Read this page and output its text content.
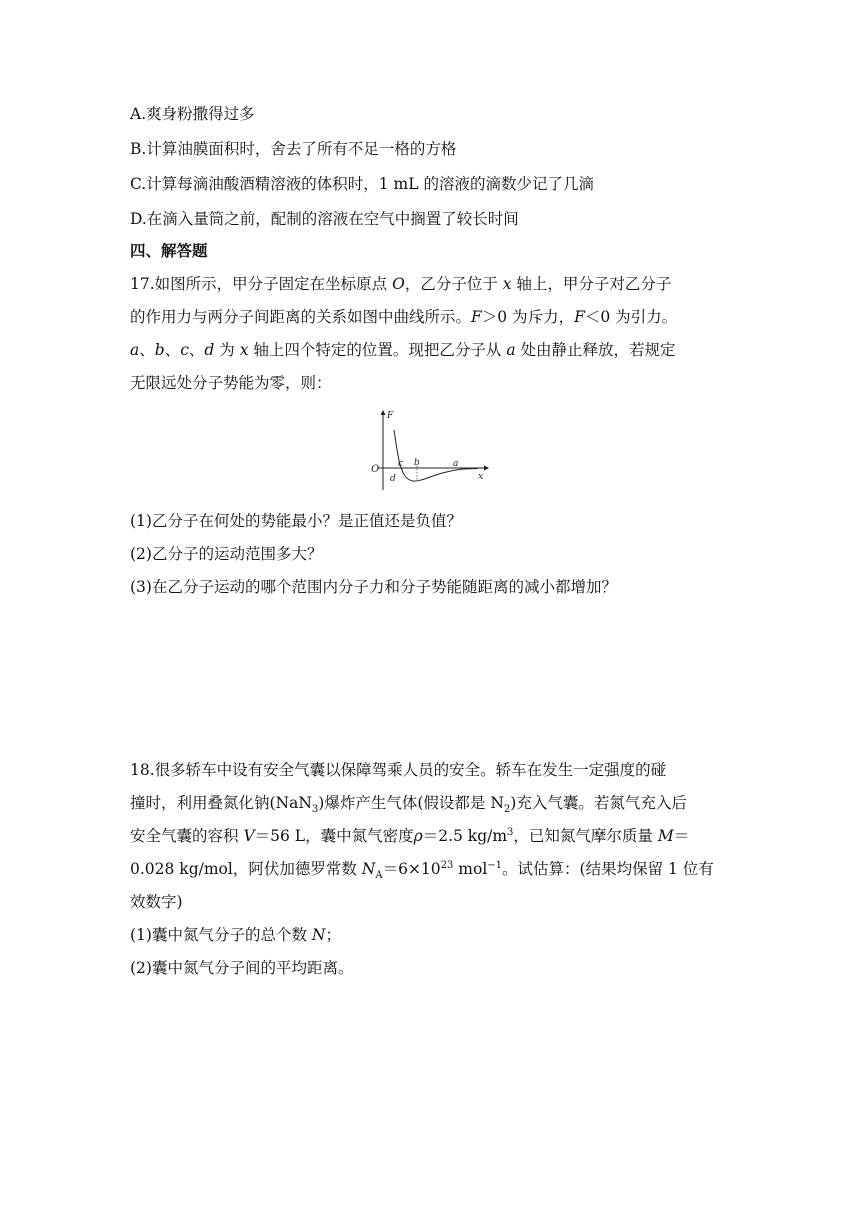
A.爽身粉撒得过多
B.计算油膜面积时，舍去了所有不足一格的方格
C.计算每滴油酸酒精溶液的体积时，1 mL 的溶液的滴数少记了几滴
D.在滴入量筒之前，配制的溶液在空气中搁置了较长时间
四、解答题
17.如图所示，甲分子固定在坐标原点 O，乙分子位于 x 轴上，甲分子对乙分子
的作用力与两分子间距离的关系如图中曲线所示。F＞0 为斥力，F＜0 为引力。
a、b、c、d 为 x 轴上四个特定的位置。现把乙分子从 a 处由静止释放，若规定
无限远处分子势能为零，则：
F
O c b	a
d	x
(1)乙分子在何处的势能最小？是正值还是负值？
(2)乙分子的运动范围多大？
(3)在乙分子运动的哪个范围内分子力和分子势能随距离的减小都增加？
18.很多轿车中设有安全气囊以保障驾乘人员的安全。轿车在发生一定强度的碰
撞时，利用叠氮化钠(NaN$_3$)爆炸产生气体(假设都是 $N_2$)充入气囊。若氮气充入后
安全气囊的容积 V＝56 L，囊中氮气密度ρ＝2.5 $kg/m^3$，已知氮气摩尔质量 M＝
0.028 kg/mol，阿伏加德罗常数 $N_A=6\times 10^{23}$ mol$^{-1}$。试估算：(结果均保留 1 位有
效数字)
(1)囊中氮气分子的总个数 N；
(2)囊中氮气分子间的平均距离。
